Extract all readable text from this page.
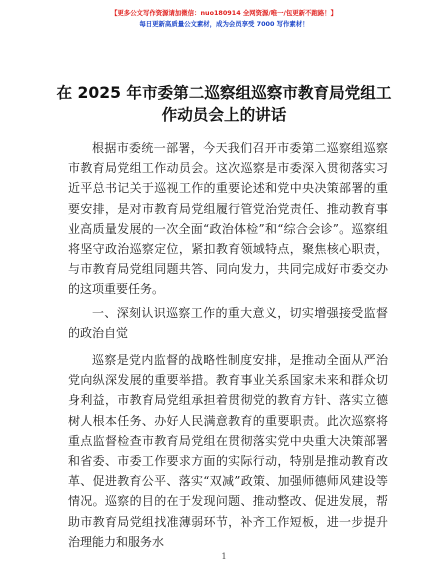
【更多公文写作资源请加微信：nuo180914 全网资源/唯一/包更新不跑路！】
每日更新高质量公文素材，成为会员享受 7000 写作素材！
在 2025 年市委第二巡察组巡察市教育局党组工
作动员会上的讲话

根据市委统一部署，今天我们召开市委第二巡察组巡察市教育局党组工作动员会。这次巡察是市委深入贯彻落实习近平总书记关于巡视工作的重要论述和党中央决策部署的重要安排，是对市教育局党组履行管党治党责任、推动教育事业高质量发展的一次全面“政治体检”和“综合会诊”。巡察组将坚守政治巡察定位，紧扣教育领域特点，聚焦核心职责，与市教育局党组同题共答、同向发力，共同完成好市委交办的这项重要任务。

一、深刻认识巡察工作的重大意义，切实增强接受监督的政治自觉

巡察是党内监督的战略性制度安排，是推动全面从严治党向纵深发展的重要举措。教育事业关系国家未来和群众切身利益，市教育局党组承担着贯彻党的教育方针、落实立德树人根本任务、办好人民满意教育的重要职责。此次巡察将重点监督检查市教育局党组在贯彻落实党中央重大决策部署和省委、市委工作要求方面的实际行动，特别是推动教育改革、促进教育公平、落实“双减”政策、加强师德师风建设等情况。巡察的目的在于发现问题、推动整改、促进发展，帮助市教育局党组找准薄弱环节，补齐工作短板，进一步提升治理能力和服务水

1
